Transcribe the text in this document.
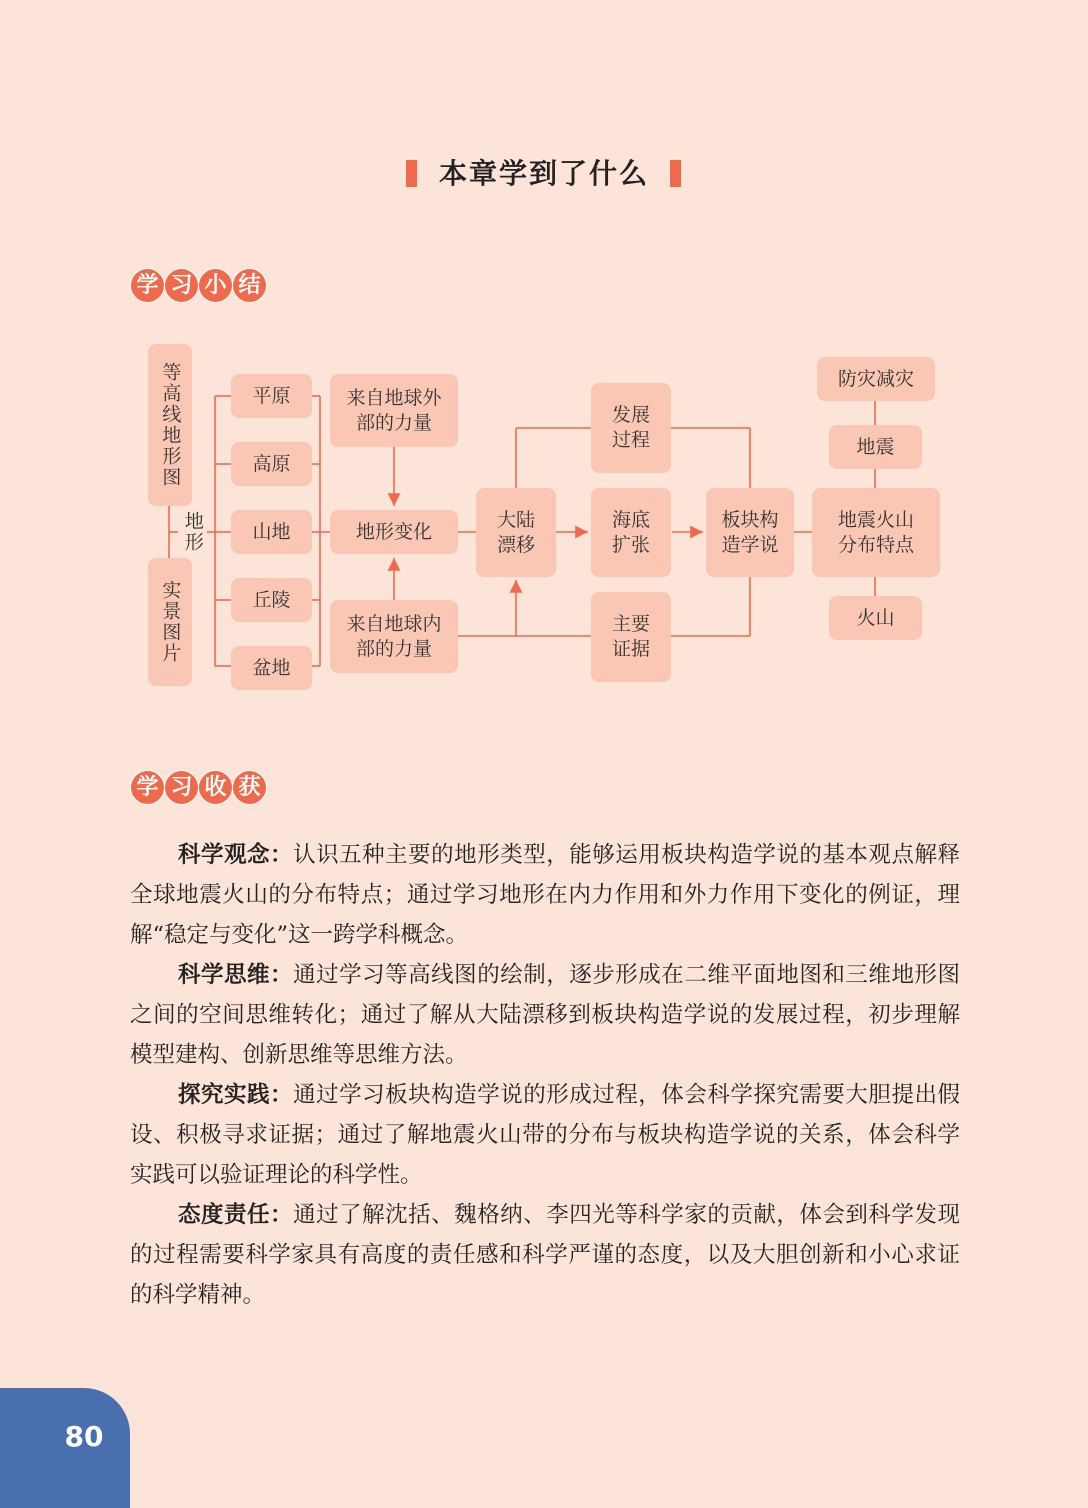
本章学到了什么
学 习 小 结
等高线地形图
实景图片
地形
平原
高原
山地
丘陵
盆地
来自地球外部的力量
地形变化
来自地球内部的力量
大陆漂移
发展过程
海底扩张
主要证据
板块构造学说
防灾减灾
地震
地震火山分布特点
火山
学 习 收 获

科学观念：认识五种主要的地形类型，能够运用板块构造学说的基本观点解释全球地震火山的分布特点；通过学习地形在内力作用和外力作用下变化的例证，理解“稳定与变化”这一跨学科概念。

科学思维：通过学习等高线图的绘制，逐步形成在二维平面地图和三维地形图之间的空间思维转化；通过了解从大陆漂移到板块构造学说的发展过程，初步理解模型建构、创新思维等思维方法。

探究实践：通过学习板块构造学说的形成过程，体会科学探究需要大胆提出假设、积极寻求证据；通过了解地震火山带的分布与板块构造学说的关系，体会科学实践可以验证理论的科学性。

态度责任：通过了解沈括、魏格纳、李四光等科学家的贡献，体会到科学发现的过程需要科学家具有高度的责任感和科学严谨的态度，以及大胆创新和小心求证的科学精神。

80
